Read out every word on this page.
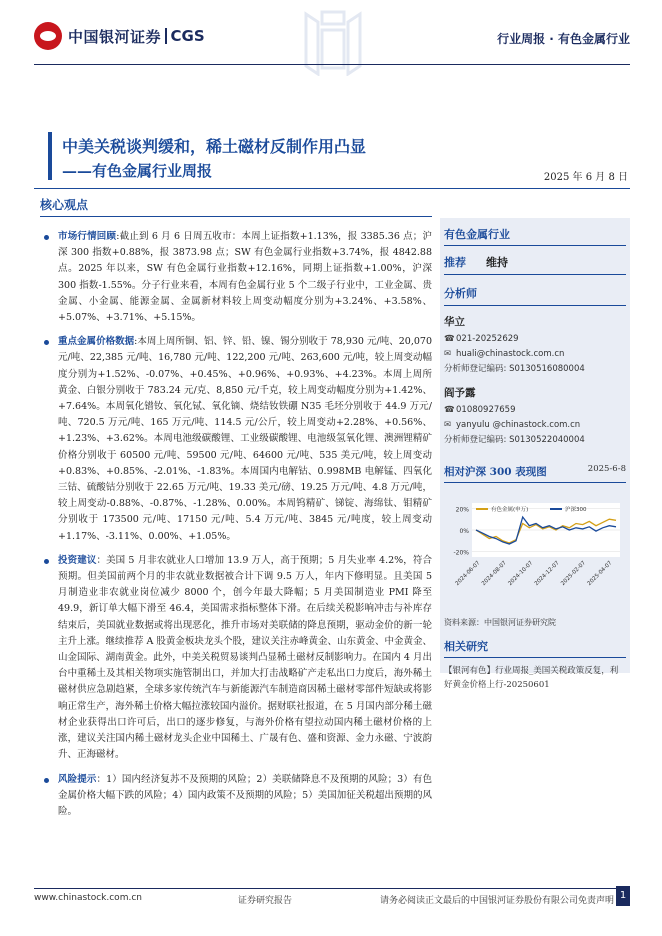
中国银河证券 CGS	行业周报 · 有色金属行业
中美关税谈判缓和，稀土磁材反制作用凸显
——有色金属行业周报	2025 年 6 月 8 日
核心观点
市场行情回顾:截止到 6 月 6 日周五收市：本周上证指数+1.13%，报 3385.36 点；沪深 300 指数+0.88%，报 3873.98 点；SW 有色金属行业指数+3.74%，报 4842.88 点。2025 年以来，SW 有色金属行业指数+12.16%，同期上证指数+1.00%，沪深 300 指数-1.55%。分子行业来看，本周有色金属行业 5 个二级子行业中，工业金属、贵金属、小金属、能源金属、金属新材料较上周变动幅度分别为+3.24%、+3.58%、+5.07%、+3.71%、+5.15%。
重点金属价格数据:本周上周所铜、铝、锌、铅、镍、锡分别收于 78,930 元/吨、20,070 元/吨、22,385 元/吨、16,780 元/吨、122,200 元/吨、263,600 元/吨，较上周变动幅度分别为+1.52%、-0.07%、+0.45%、+0.96%、+0.93%、+4.23%。本周上周所黄金、白银分别收于 783.24 元/克、8,850 元/千克，较上周变动幅度分别为+1.42%、+7.64%。本周氧化镨钕、氧化铽、氧化镝、烧结钕铁硼 N35 毛坯分别收于 44.9 万元/吨、720.5 万元/吨、165 万元/吨、114.5 元/公斤，较上周变动+2.28%、+0.56%、+1.23%、+3.62%。本周电池级碳酸锂、工业级碳酸锂、电池级氢氧化锂、澳洲锂精矿价格分别收于 60500 元/吨、59500 元/吨、64600 元/吨、535 美元/吨，较上周变动+0.83%、+0.85%、-2.01%、-1.83%。本周国内电解钴、0.998MB 电解锰、四氧化三钴、硫酸钴分别收于 22.65 万元/吨、19.33 美元/磅、19.25 万元/吨、4.8 万元/吨，较上周变动-0.88%、-0.87%、-1.28%、0.00%。本周钨精矿、锑锭、海绵钛、钼精矿分别收于 173500 元/吨、17150 元/吨、5.4 万元/吨、3845 元/吨度，较上周变动+1.17%、-3.11%、0.00%、+1.05%。
投资建议：美国 5 月非农就业人口增加 13.9 万人，高于预期；5 月失业率 4.2%，符合预期。但美国前两个月的非农就业数据被合计下调 9.5 万人，年内下修明显。且美国 5 月制造业非农就业岗位减少 8000 个，创今年最大降幅；5 月美国制造业 PMI 降至 49.9，新订单大幅下滑至 46.4，美国需求指标整体下滑。在后续关税影响冲击与补库存结束后，美国就业数据或将出现恶化，推升市场对美联储的降息预期，驱动金价的新一轮主升上涨。继续推荐 A 股黄金板块龙头个股，建议关注赤峰黄金、山东黄金、中金黄金、山金国际、湖南黄金。此外，中美关税贸易谈判凸显稀土磁材反制影响力。在国内 4 月出台中重稀土及其相关物项实施管制出口，并加大打击战略矿产走私出口力度后，海外稀土磁材供应急剧趋紧，全球多家传统汽车与新能源汽车制造商因稀土磁材零部件短缺或将影响正常生产，海外稀土价格大幅拉涨较国内溢价。据财联社报道，在 5 月国内部分稀土磁材企业获得出口许可后，出口的逐步修复，与海外价格有望拉动国内稀土磁材价格的上涨，建议关注国内稀土磁材龙头企业中国稀土、广晟有色、盛和资源、金力永磁、宁波韵升、正海磁材。
风险提示：1）国内经济复苏不及预期的风险；2）美联储降息不及预期的风险；3）有色金属价格大幅下跌的风险；4）国内政策不及预期的风险；5）美国加征关税超出预期的风险。
有色金属行业
推荐 维持
分析师
华立
☎021-20252629
✉ huali@chinastock.com.cn
分析师登记编码: S0130516080004
阎予露
☎01080927659
✉ yanyulu @chinastock.com.cn
分析师登记编码: S0130522040004
相对沪深 300 表现图	2025-6-8
20%
0%
-20%
有色金属(申万)	沪深300
2024-06-07 2024-08-07 2024-10-07 2024-12-07 2025-02-07 2025-04-07
资料来源：中国银河证券研究院
相关研究
【银河有色】行业周报_美国关税政策反复，利好黄金价格上行-20250601
www.chinastock.com.cn	证券研究报告	请务必阅读正文最后的中国银河证券股份有限公司免责声明 1
